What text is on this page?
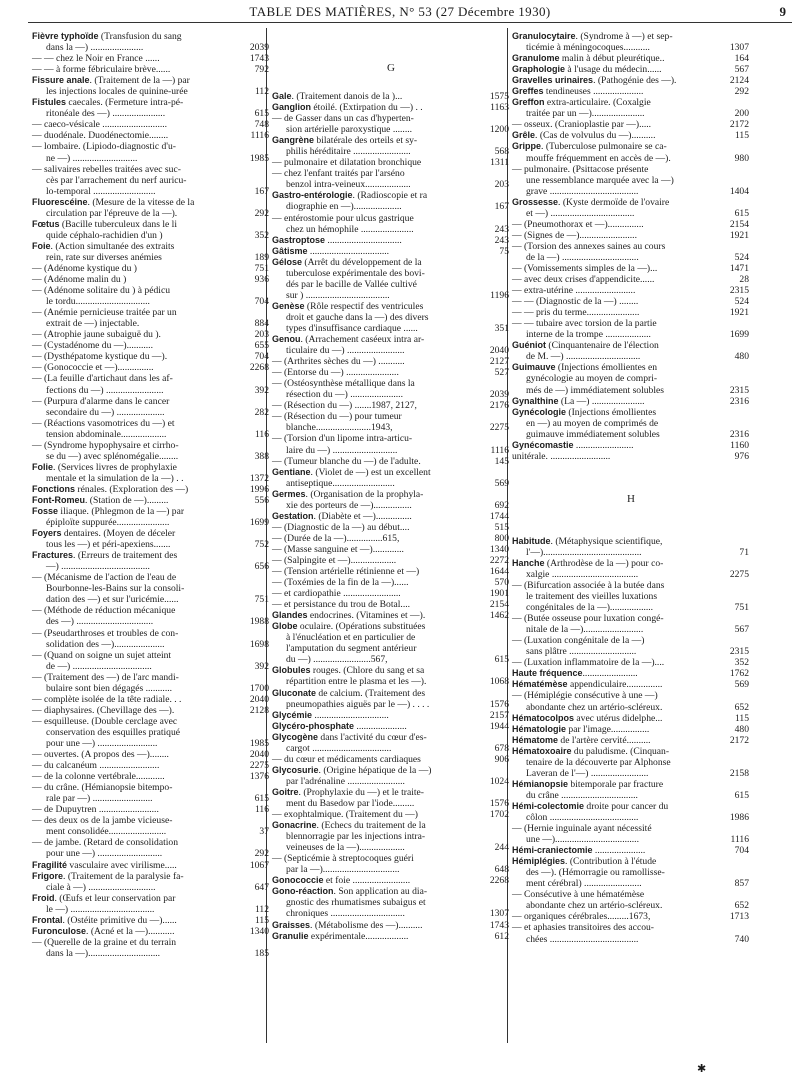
TABLE DES MATIÈRES, N° 53 (27 Décembre 1930)	9
Fièvre typhoïde (Transfusion du sang
dans la —) ......................	2039
— — chez le Noir en France ......	1743
— — à forme fébriculaire brève......	792
Fissure anale. (Traitement de la —) par
les injections locales de quinine-urée	112
Fistules caecales. (Fermeture intra-pé-
ritonéale des —) ......................	615
— caeco-vésicale ...........................	748
— duodénale. Duodénectomie........	1116
— lombaire. (Lipiodo-diagnostic d'u-
ne —) ...........................	1985
— salivaires rebelles traitées avec suc-
cès par l'arrachement du nerf auricu-
lo-temporal ..........................	167
Fluorescéine. (Mesure de la vitesse de la
circulation par l'épreuve de la —).	292
Fœtus (Bacille tuberculeux dans le li
quide céphalo-rachidien d'un )	352
Foie. (Action simultanée des extraits
rein, rate sur diverses anémies	189
— (Adénome kystique du )	751
— (Adénome malin du )	936
— (Adénome solitaire du ) à pédicu
le tordu...............................	704
— (Anémie pernicieuse traitée par un
extrait de —) injectable.	884
— (Atrophie jaune subaiguë du ).	203
— (Cystadénome du —)...........	655
— (Dysthépatome kystique du —).	704
— (Gonococcie et —)...............	2268
— (La feuille d'artichaut dans les af-
fections du —) ........................	392
— (Purpura d'alarme dans le cancer
secondaire du —) ....................	282
— (Réactions vasomotrices du —) et
tension abdominale...................	116
— (Syndrome hypophysaire et cirrho-
se du —) avec splénomégalie........	388
Folie. (Services livres de prophylaxie
mentale et la simulation de la —) . .	1372
Fonctions rénales. (Exploration des —)	1996
Font-Romeu. (Station de —).........	556
Fosse iliaque. (Phlegmon de la —) par
épiploïte suppurée......................	1699
Foyers dentaires. (Moyen de déceler
tous les —) et péri-apexiens.......	752
Fractures. (Erreurs de traitement des
—) .....................................	656
— (Mécanisme de l'action de l'eau de
Bourbonne-les-Bains sur la consoli-
dation des —) et sur l'uricémie......	751
— (Méthode de réduction mécanique
des —) ................................	1988
— (Pseudarthroses et troubles de con-
solidation des —).....................	1698
— (Quand on soigne un sujet atteint
de —) .................................	392
— (Traitement des —) de l'arc mandi-
bulaire sont bien dégagés ...........	1700
— complète isolée de la tête radiale. . .	2040
— diaphysaires. (Chevillage des —).	2128
— esquilleuse. (Double cerclage avec
conservation des esquilles pratiqué
pour une —) .........................	1985
— ouvertes. (A propos des —)........	2040
— du calcanéum .........................	2275
— de la colonne vertébrale............	1376
— du crâne. (Hémianopsie bitempo-
rale par —) .........................	615
— de Dupuytren .........................	116
— des deux os de la jambe vicieuse-
ment consolidée........................	37
— de jambe. (Retard de consolidation
pour une —) ...........................	292
Fragilité vasculaire avec virilisme.....	1067
Frigore. (Traitement de la paralysie fa-
ciale à —) ............................	647
Froid. (Œufs et leur conservation par
le —) ...................................	112
Frontal. (Ostéite primitive du —)......	115
Furonculose. (Acné et la —)...........	1340
— (Querelle de la graine et du terrain
dans la —)..............................	185
G
Gale. (Traitement danois de la )...	1575
Ganglion étoilé. (Extirpation du —) . .	1163
— de Gasser dans un cas d'hyperten-
sion artérielle paroxystique ........	1200
Gangrène bilatérale des orteils et sy-
philis héréditaire ........................	568
— pulmonaire et dilatation bronchique	1311
— chez l'enfant traités par l'arséno
benzol intra-veineux...................	203
Gastro-entérologie. (Radioscopie et ra
diographie en —)....................	167
— entérostomie pour ulcus gastrique
chez un hémophile ......................	243
Gastroptose ...............................	243
Gâtisme .................................	75
Gélose (Arrêt du développement de la
tuberculose expérimentale des bovi-
dés par le bacille de Vallée cultivé
sur ) ...................................	1196
Genèse (Rôle respectif des ventricules
droit et gauche dans la —) des divers
types d'insuffisance cardiaque ......	351
Genou. (Arrachement caséeux intra ar-
ticulaire du —) ........................	2040
— (Arthrites sèches du —) ...........	2127
— (Entorse du —) ......................	527
— (Ostéosynthèse métallique dans la
résection du —) ......................	2039
— (Résection du —) .......1987, 2127,	2176
— (Résection du —) pour tumeur
blanche.......................1943,	2275
— (Torsion d'un lipome intra-articu-
laire du —) ...........................	1116
— (Tumeur blanche du —) de l'adulte.	145
Gentiane. (Violet de —) est un excellent
antiseptique..........................	569
Germes. (Organisation de la prophyla-
xie des porteurs de —)................	692
Gestation. (Diabète et —)...............	1744
— (Diagnostic de la —) au début....	515
— (Durée de la —)...............615,	800
— (Masse sanguine et —).............	1340
— (Salpingite et —)...................	2272
— (Tension artérielle rétinienne et —)	1644
— (Toxémies de la fin de la —)......	570
— et cardiopathie ........................	1901
— et persistance du trou de Botal....	2154
Glandes endocrines. (Vitamines et —).	1462
Globe oculaire. (Opérations substituées
à l'énucléation et en particulier de
l'amputation du segment antérieur
du —) ........................567,	615
Globules rouges. (Chlore du sang et sa
répartition entre le plasma et les —).	1068
Gluconate de calcium. (Traitement des
pneumopathies aiguës par le —) . . . .	1576
Glycémie ...............................	2157
Glycéro-phosphate .....................	1944
Glycogène dans l'activité du cœur d'es-
cargot .................................	678
— du cœur et médicaments cardiaques	906
Glycosurie. (Origine hépatique de la —)
par l'adrénaline ........................	1024
Goitre. (Prophylaxie du —) et le traite-
ment du Basedow par l'iode.........	1576
— exophtalmique. (Traitement du —)	1702
Gonacrine. (Echecs du traitement de la
blennorragie par les injections intra-
veineuses de la —)...................	244
— (Septicémie à streptocoques guéri
par la —)................................	648
Gonococcie et foie ........................	2268
Gono-réaction. Son application au dia-
gnostic des rhumatismes subaigus et
chroniques ...............................	1307
Graisses. (Métabolisme des —)..........	1743
Granulie expérimentale..................	612
Granulocytaire. (Syndrome à —) et sep-
ticémie à méningocoques...........	1307
Granulome malin à début pleurétique..	164
Graphologie à l'usage du médecin......	567
Gravelles urinaires. (Pathogénie des —).	2124
Greffes tendineuses .....................	292
Greffon extra-articulaire. (Coxalgie
traitée par un —)......................	200
— osseux. (Cranioplastie par —).....	2172
Grêle. (Cas de volvulus du —)..........	115
Grippe. (Tuberculose pulmonaire se ca-
mouffe fréquemment en accès de —).	980
— pulmonaire. (Psittacose présente
une ressemblance marquée avec la —)
grave .....................................	1404
Grossesse. (Kyste dermoïde de l'ovaire
et —) ...................................	615
— (Pneumothorax et —)...............	2154
— (Signes de —)........................	1921
— (Torsion des annexes saines au cours
de la —) ................................	524
— (Vomissements simples de la —)...	1471
— avec deux crises d'appendicite......	28
— extra-utérine .........................	2315
— — (Diagnostic de la —) ........	524
— — pris du terme......................	1921
— — tubaire avec torsion de la partie
interne de la trompe ...................	1699
Guéniot (Cinquantenaire de l'élection
de M. —) ...............................	480
Guimauve (Injections émollientes en
gynécologie au moyen de compri-
més de —) immédiatement solubles	2315
Gynalthine (La —) ......................	2316
Gynécologie (Injections émollientes
en —) au moyen de comprimés de
guimauve immédiatement solubles	2316
Gynécomastie ........................	1160
unitérale. .........................	976
H
Habitude. (Métaphysique scientifique,
l'—).........................................	71
Hanche (Arthrodèse de la —) pour co-
xalgie ....................................	2275
— (Bifurcation associée à la butée dans
le traitement des vieilles luxations
congénitales de la —)..................	751
— (Butée osseuse pour luxation congé-
nitale de la —).........................	567
— (Luxation congénitale de la —)
sans plâtre ............................	2315
— (Luxation inflammatoire de la —)....	352
Haute fréquence.......................	1762
Hématémèse appendiculaire...............	569
— (Hémiplégie consécutive à une —)
abondante chez un artério-scléreux.	652
Hématocolpos avec utérus didelphe...	115
Hématologie par l'image................	480
Hématome de l'artère cervité..........	2172
Hématoxoaire du paludisme. (Cinquan-
tenaire de la découverte par Alphonse
Laveran de l'—) ........................	2158
Hémianopsie bitemporale par fracture
du crâne ................................	615
Hémi-colectomie droite pour cancer du
côlon .....................................	1986
— (Hernie inguinale ayant nécessité
une —)...................................	1116
Hémi-craniectomie .....................	704
Hémiplégies. (Contribution à l'étude
des —). (Hémorragie ou ramollisse-
ment cérébral) ........................	857
— Consécutive à une hématémèse
abondante chez un artério-scléreux.	652
— organiques cérébrales.........1673,	1713
— et aphasies transitoires des accou-
chées .....................................	740
✱
